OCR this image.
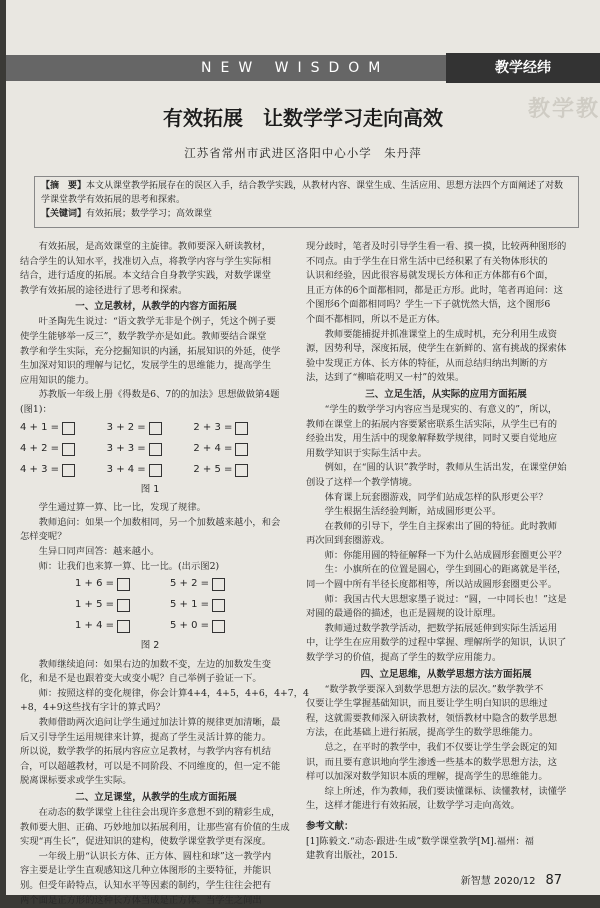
NEW WISDOM	教学经纬
教学教
有效拓展　让数学学习走向高效
江苏省常州市武进区洛阳中心小学　朱丹萍
【摘　要】本文从课堂教学拓展存在的误区入手，结合教学实践，从教材内容、课堂生成、生活应用、思想方法四个方面阐述了对数学课堂教学有效拓展的思考和探索。
【关键词】有效拓展；数学学习；高效课堂

有效拓展，是高效课堂的主旋律。教师要深入研读教材，

结合学生的认知水平，找准切入点，将教学内容与学生实际相

结合，进行适度的拓展。本文结合自身教学实践，对数学课堂

教学有效拓展的途径进行了思考和探索。

一、立足教材，从教学的内容方面拓展

叶圣陶先生说过：“语文教学无非是个例子，凭这个例子要

使学生能够举一反三”，数学教学亦是如此。教师要结合课堂

教学和学生实际，充分挖掘知识的内涵，拓展知识的外延，使学

生加深对知识的理解与记忆，发展学生的思维能力，提高学生

应用知识的能力。

苏教版一年级上册《得数是6、7的的加法》思想做做第4题

(图1)：

4 + 1 =	3 + 2 =	2 + 3 =
4 + 2 =	3 + 3 =	2 + 4 =
4 + 3 =	3 + 4 =	2 + 5 =
图 1

学生通过算一算、比一比，发现了规律。

教师追问：如果一个加数相同，另一个加数越来越小，和会

怎样变呢？

生异口同声回答：越来越小。

师：让我们也来算一算、比一比。(出示图2)

1 + 6 =	5 + 2 =
1 + 5 =	5 + 1 =
1 + 4 =	5 + 0 =
图 2

教师继续追问：如果右边的加数不变，左边的加数发生变

化，和是不是也跟着变大或变小呢？自己举例子验证一下。

师：按照这样的变化规律，你会计算4+4，4+5，4+6，4+7，4

+8，4+9这些找有字计的算式吗？

教师借助两次追问让学生通过加法计算的规律更加清晰，最

后又引导学生运用规律来计算，提高了学生灵活计算的能力。

所以说，数学教学的拓展内容应立足教材，与教学内容有机结

合，可以超越教材，可以是不同阶段、不同维度的，但一定不能

脱离课标要求或学生实际。

二、立足课堂，从教学的生成方面拓展

在动态的数学课堂上往往会出现许多意想不到的精彩生成，

教师要大胆、正确、巧妙地加以拓展利用，让那些富有价值的生成

实现“再生长”，促进知识的建构，使数学课堂教学更有深度。

一年级上册“认识长方体、正方体、圆柱和球”这一教学内

容主要是让学生直观感知这几种立体图形的主要特征，并能识

别。但受年龄特点，认知水平等因素的制约，学生往往会把有

两个面是正方形的这种长方体当成是正方体。当学生之间出

现分歧时，笔者及时引导学生看一看、摸一摸，比较两种图形的

不同点。由于学生在日常生活中已经积累了有关物体形状的

认识和经验，因此很容易就发现长方体和正方体都有6个面，

且正方体的6个面都相同，都是正方形。此时，笔者再追问：这

个图形6个面都相同吗？学生一下子就恍然大悟，这个图形6

个面不都相同，所以不是正方体。

教师要能捕捉并抓准课堂上的生成时机，充分利用生成资

源，因势利导，深度拓展，使学生在新鲜的、富有挑战的探索体

验中发现正方体、长方体的特征，从而总结归纳出判断的方

法，达到了“柳暗花明又一村”的效果。

三、立足生活，从实际的应用方面拓展

“学生的数学学习内容应当是现实的、有意义的”，所以，

教师在课堂上的拓展内容要紧密联系生活实际，从学生已有的

经验出发，用生活中的现象解释数学规律，同时又要自觉地应

用数学知识于实际生活中去。

例如，在“圆的认识”教学时，教师从生活出发，在课堂伊始

创设了这样一个教学情境。

体育课上玩套圈游戏，同学们站成怎样的队形更公平？

学生根据生活经验判断，站成圆形更公平。

在教师的引导下，学生自主探索出了圆的特征。此时教师

再次回到套圈游戏。

师：你能用圆的特征解释一下为什么站成圆形套圈更公平？

生：小旗所在的位置是圆心，学生到圆心的距离就是半径，

同一个圆中所有半径长度都相等，所以站成圆形套圈更公平。

师：我国古代大思想家墨子说过：“圆，一中同长也！”这是

对圆的最通俗的描述，也正是圆规的设计原理。

教师通过数学教学活动，把数学拓展延伸到实际生活运用

中，让学生在应用数学的过程中掌握、理解所学的知识，认识了

数学学习的价值，提高了学生的数学应用能力。

四、立足思维，从数学思想方法方面拓展

“数学教学要深入到数学思想方法的层次。”数学教学不

仅要让学生掌握基础知识，而且要让学生明白知识的思维过

程，这就需要教师深入研读教材，领悟教材中隐含的数学思想

方法，在此基础上进行拓展，提高学生的数学思维能力。

总之，在平时的教学中，我们不仅要让学生学会既定的知

识，而且要有意识地向学生渗透一些基本的数学思想方法，这

样可以加深对数学知识本质的理解，提高学生的思维能力。

综上所述，作为教师，我们要读懂课标、读懂教材，读懂学

生，这样才能进行有效拓展，让数学学习走向高效。

参考文献：

[1]陈毅文.“动态·跟进·生成”数学课堂教学[M].福州：福

建教育出版社，2015.

新智慧 2020/12 87
